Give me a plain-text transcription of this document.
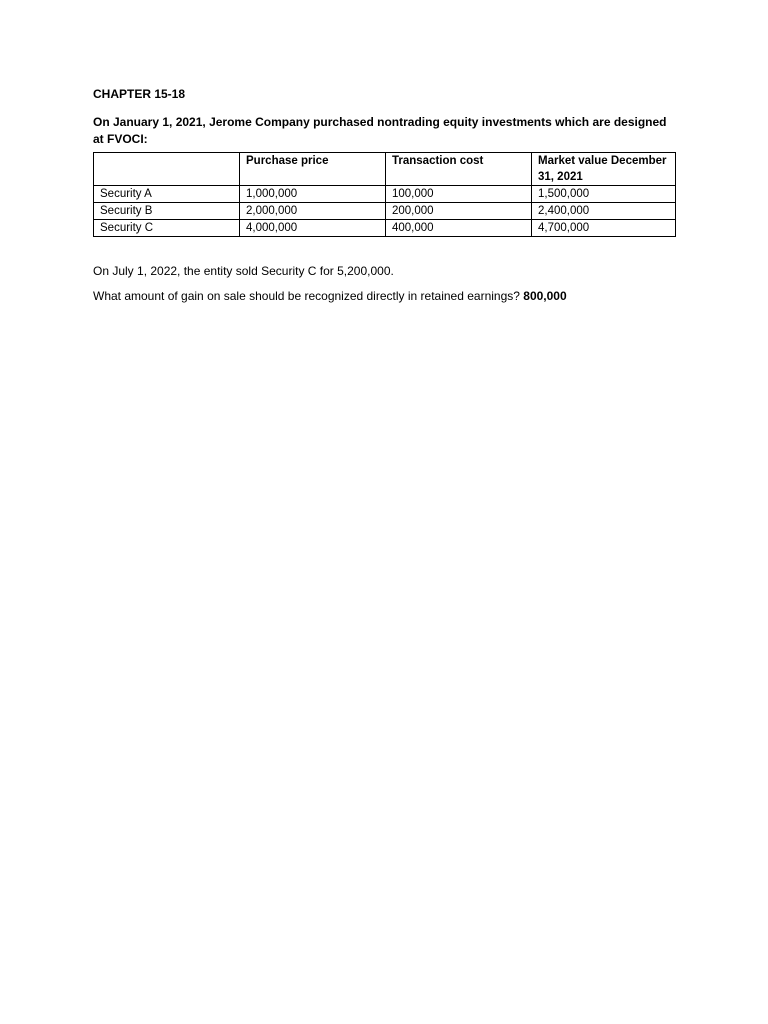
CHAPTER 15-18

On January 1, 2021, Jerome Company purchased nontrading equity investments which are designed at FVOCI:

	Purchase price	Transaction cost	Market value December 31, 2021
Security A	1,000,000	100,000	1,500,000
Security B	2,000,000	200,000	2,400,000
Security C	4,000,000	400,000	4,700,000

On July 1, 2022, the entity sold Security C for 5,200,000.

What amount of gain on sale should be recognized directly in retained earnings? 800,000
